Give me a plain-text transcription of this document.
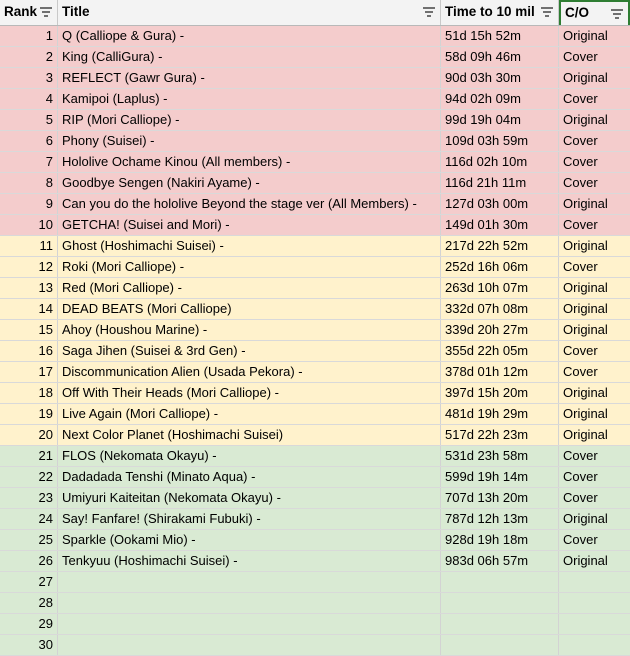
Rank	Title	Time to 10 mil	C/O
1 Q (Calliope & Gura) -	51d 15h 52m	Original
2 King (CalliGura) -	58d 09h 46m	Cover
3 REFLECT (Gawr Gura) -	90d 03h 30m	Original
4 Kamipoi (Laplus) -	94d 02h 09m	Cover
5 RIP (Mori Calliope) -	99d 19h 04m	Original
6 Phony (Suisei) -	109d 03h 59m	Cover
7 Hololive Ochame Kinou (All members) -	116d 02h 10m	Cover
8 Goodbye Sengen (Nakiri Ayame) -	116d 21h 11m	Cover
9 Can you do the hololive Beyond the stage ver (All Members) -	127d 03h 00m	Original
10 GETCHA! (Suisei and Mori) -	149d 01h 30m	Cover
11 Ghost (Hoshimachi Suisei) -	217d 22h 52m	Original
12 Roki (Mori Calliope) -	252d 16h 06m	Cover
13 Red (Mori Calliope) -	263d 10h 07m	Original
14 DEAD BEATS (Mori Calliope)	332d 07h 08m	Original
15 Ahoy (Houshou Marine) -	339d 20h 27m	Original
16 Saga Jihen (Suisei & 3rd Gen) -	355d 22h 05m	Cover
17 Discommunication Alien (Usada Pekora) -	378d 01h 12m	Cover
18 Off With Their Heads (Mori Calliope) -	397d 15h 20m	Original
19 Live Again (Mori Calliope) -	481d 19h 29m	Original
20 Next Color Planet (Hoshimachi Suisei)	517d 22h 23m	Original
21 FLOS (Nekomata Okayu) -	531d 23h 58m	Cover
22 Dadadada Tenshi (Minato Aqua) -	599d 19h 14m	Cover
23 Umiyuri Kaiteitan (Nekomata Okayu) -	707d 13h 20m	Cover
24 Say! Fanfare! (Shirakami Fubuki) -	787d 12h 13m	Original
25 Sparkle (Ookami Mio) -	928d 19h 18m	Cover
26 Tenkyuu (Hoshimachi Suisei) -	983d 06h 57m	Original
27
28
29
30
